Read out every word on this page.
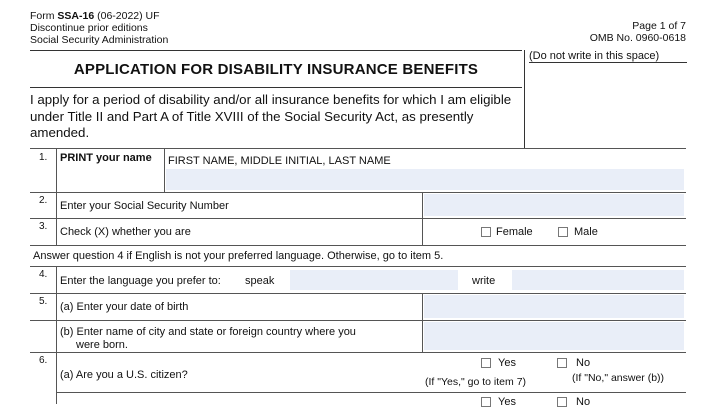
Form SSA-16 (06-2022) UF
Discontinue prior editions
Social Security Administration
Page 1 of 7
OMB No. 0960-0618
APPLICATION FOR DISABILITY INSURANCE BENEFITS
(Do not write in this space)
I apply for a period of disability and/or all insurance benefits for which I am eligible under Title II and Part A of Title XVIII of the Social Security Act, as presently amended.
1. PRINT your name FIRST NAME, MIDDLE INITIAL, LAST NAME
2. Enter your Social Security Number
3. Check (X) whether you are	Female	Male
Answer question 4 if English is not your preferred language. Otherwise, go to item 5.
4.
Enter the language you prefer to: speak	write
5. (a) Enter your date of birth
(b) Enter name of city and state or foreign country where you
were born.
6.
(a) Are you a U.S. citizen?
Yes	No
(If "Yes," go to item 7)	(If "No," answer (b))
Yes	No
